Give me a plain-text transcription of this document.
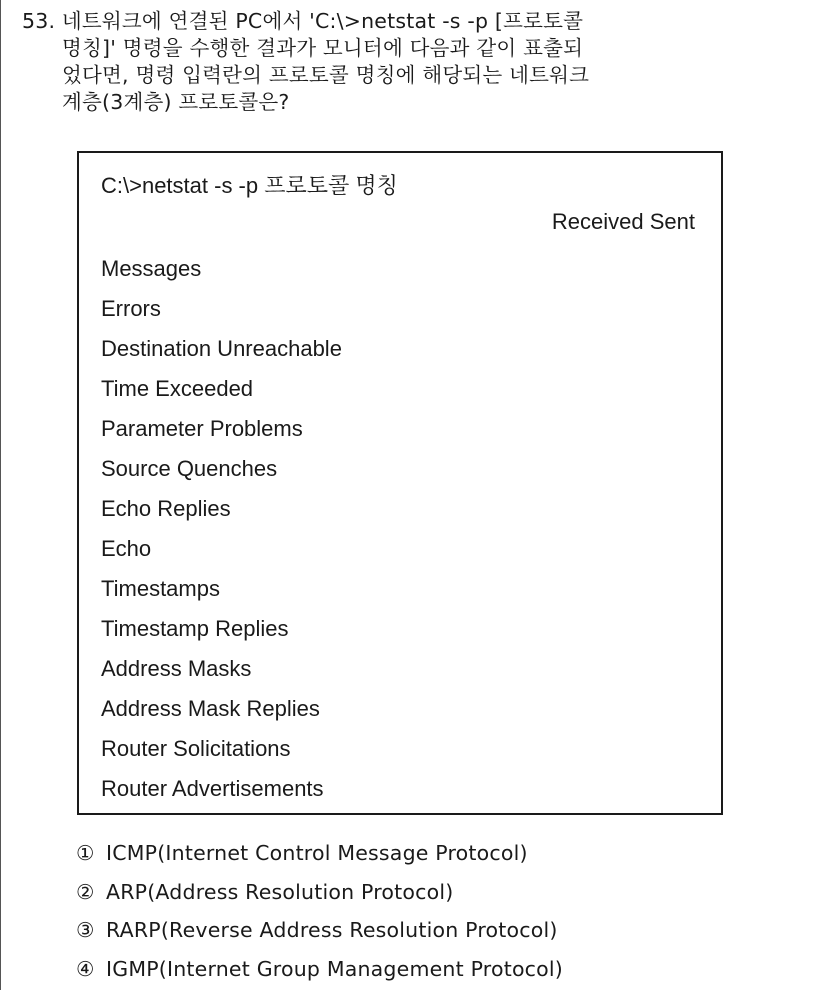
53. 네트워크에 연결된 PC에서 'C:\>netstat -s -p [프로토콜
명칭]' 명령을 수행한 결과가 모니터에 다음과 같이 표출되
었다면, 명령 입력란의 프로토콜 명칭에 해당되는 네트워크
계층(3계층) 프로토콜은?
C:\>netstat -s -p 프로토콜 명칭
Received Sent
Messages
Errors
Destination Unreachable
Time Exceeded
Parameter Problems
Source Quenches
Echo Replies
Echo
Timestamps
Timestamp Replies
Address Masks
Address Mask Replies
Router Solicitations
Router Advertisements
① ICMP(Internet Control Message Protocol)
② ARP(Address Resolution Protocol)
③ RARP(Reverse Address Resolution Protocol)
④ IGMP(Internet Group Management Protocol)
